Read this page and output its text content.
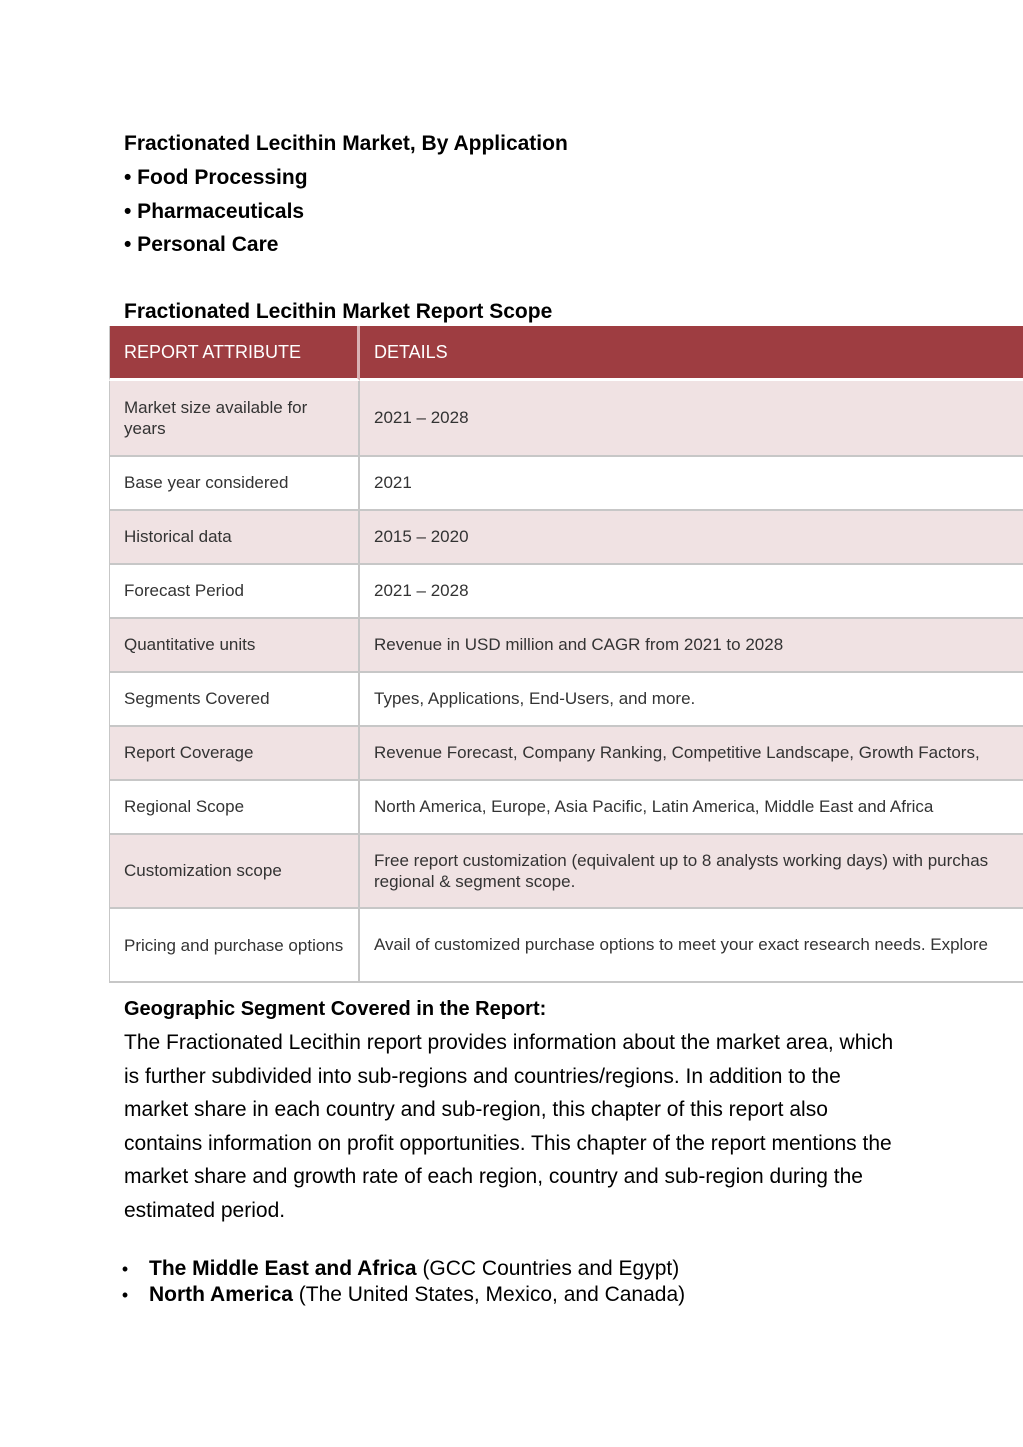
Fractionated Lecithin Market, By Application
• Food Processing
• Pharmaceuticals
• Personal Care
Fractionated Lecithin Market Report Scope
REPORT ATTRIBUTE	DETAILS
Market size available for years	2021 – 2028
Base year considered	2021
Historical data	2015 – 2020
Forecast Period	2021 – 2028
Quantitative units	Revenue in USD million and CAGR from 2021 to 2028
Segments Covered	Types, Applications, End-Users, and more.
Report Coverage	Revenue Forecast, Company Ranking, Competitive Landscape, Growth Factors,
Regional Scope	North America, Europe, Asia Pacific, Latin America, Middle East and Africa
Customization scope	Free report customization (equivalent up to 8 analysts working days) with purchas regional & segment scope.
Pricing and purchase options	Avail of customized purchase options to meet your exact research needs. Explore
Geographic Segment Covered in the Report:

The Fractionated Lecithin report provides information about the market area, which is further subdivided into sub-regions and countries/regions. In addition to the market share in each country and sub-region, this chapter of this report also contains information on profit opportunities. This chapter of the report mentions the market share and growth rate of each region, country and sub-region during the estimated period.

• The Middle East and Africa (GCC Countries and Egypt)
• North America (The United States, Mexico, and Canada)
